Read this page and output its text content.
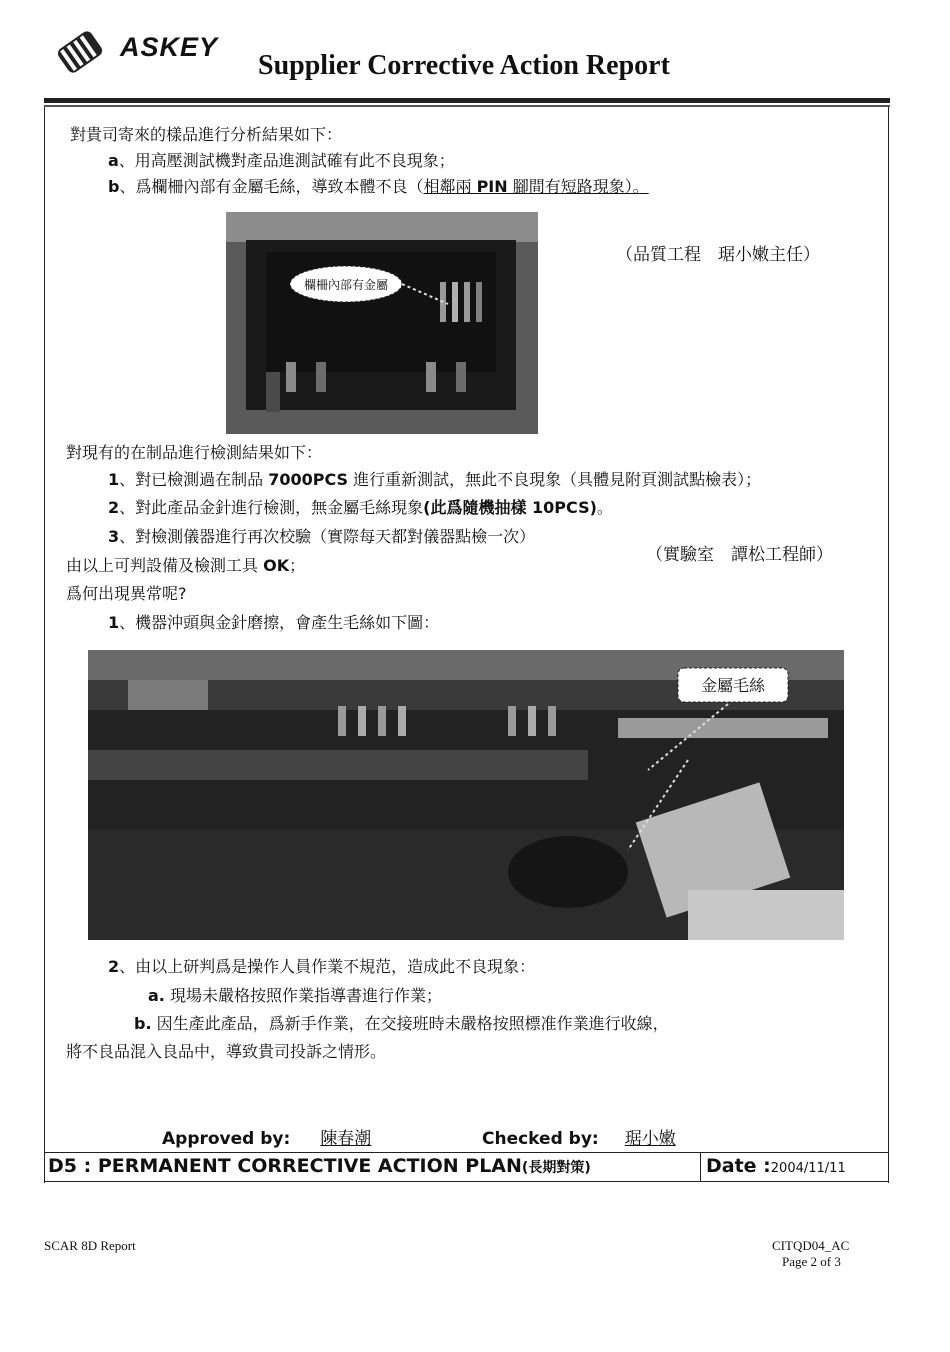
ASKEY
Supplier Corrective Action Report
對貴司寄來的樣品進行分析結果如下：
a、用高壓測試機對產品進測試確有此不良現象；
b、爲欄柵內部有金屬毛絲，導致本體不良（相鄰兩 PIN 腳間有短路現象）。
欄柵內部有金屬
（品質工程　琚小嫩主任）
對現有的在制品進行檢測結果如下：
1、對已檢測過在制品 7000PCS 進行重新測試，無此不良現象（具體見附頁測試點檢表）；
2、對此產品金針進行檢測，無金屬毛絲現象(此爲隨機抽樣 10PCS)。
3、對檢測儀器進行再次校驗（實際每天都對儀器點檢一次）
（實驗室　譚松工程師）
由以上可判設備及檢測工具 OK；
爲何出現異常呢?
1、機器沖頭與金針磨擦，會產生毛絲如下圖：
金屬毛絲
2、由以上研判爲是操作人員作業不規范，造成此不良現象：
a. 現場未嚴格按照作業指導書進行作業；
b. 因生產此產品，爲新手作業，在交接班時未嚴格按照標准作業進行收線，
將不良品混入良品中，導致貴司投訴之情形。
Approved by: 陳春潮	Checked by: 琚小嫩
D5 : PERMANENT CORRECTIVE ACTION PLAN(長期對策)	Date :2004/11/11
SCAR 8D Report	CITQD04_AC
Page 2 of 3
